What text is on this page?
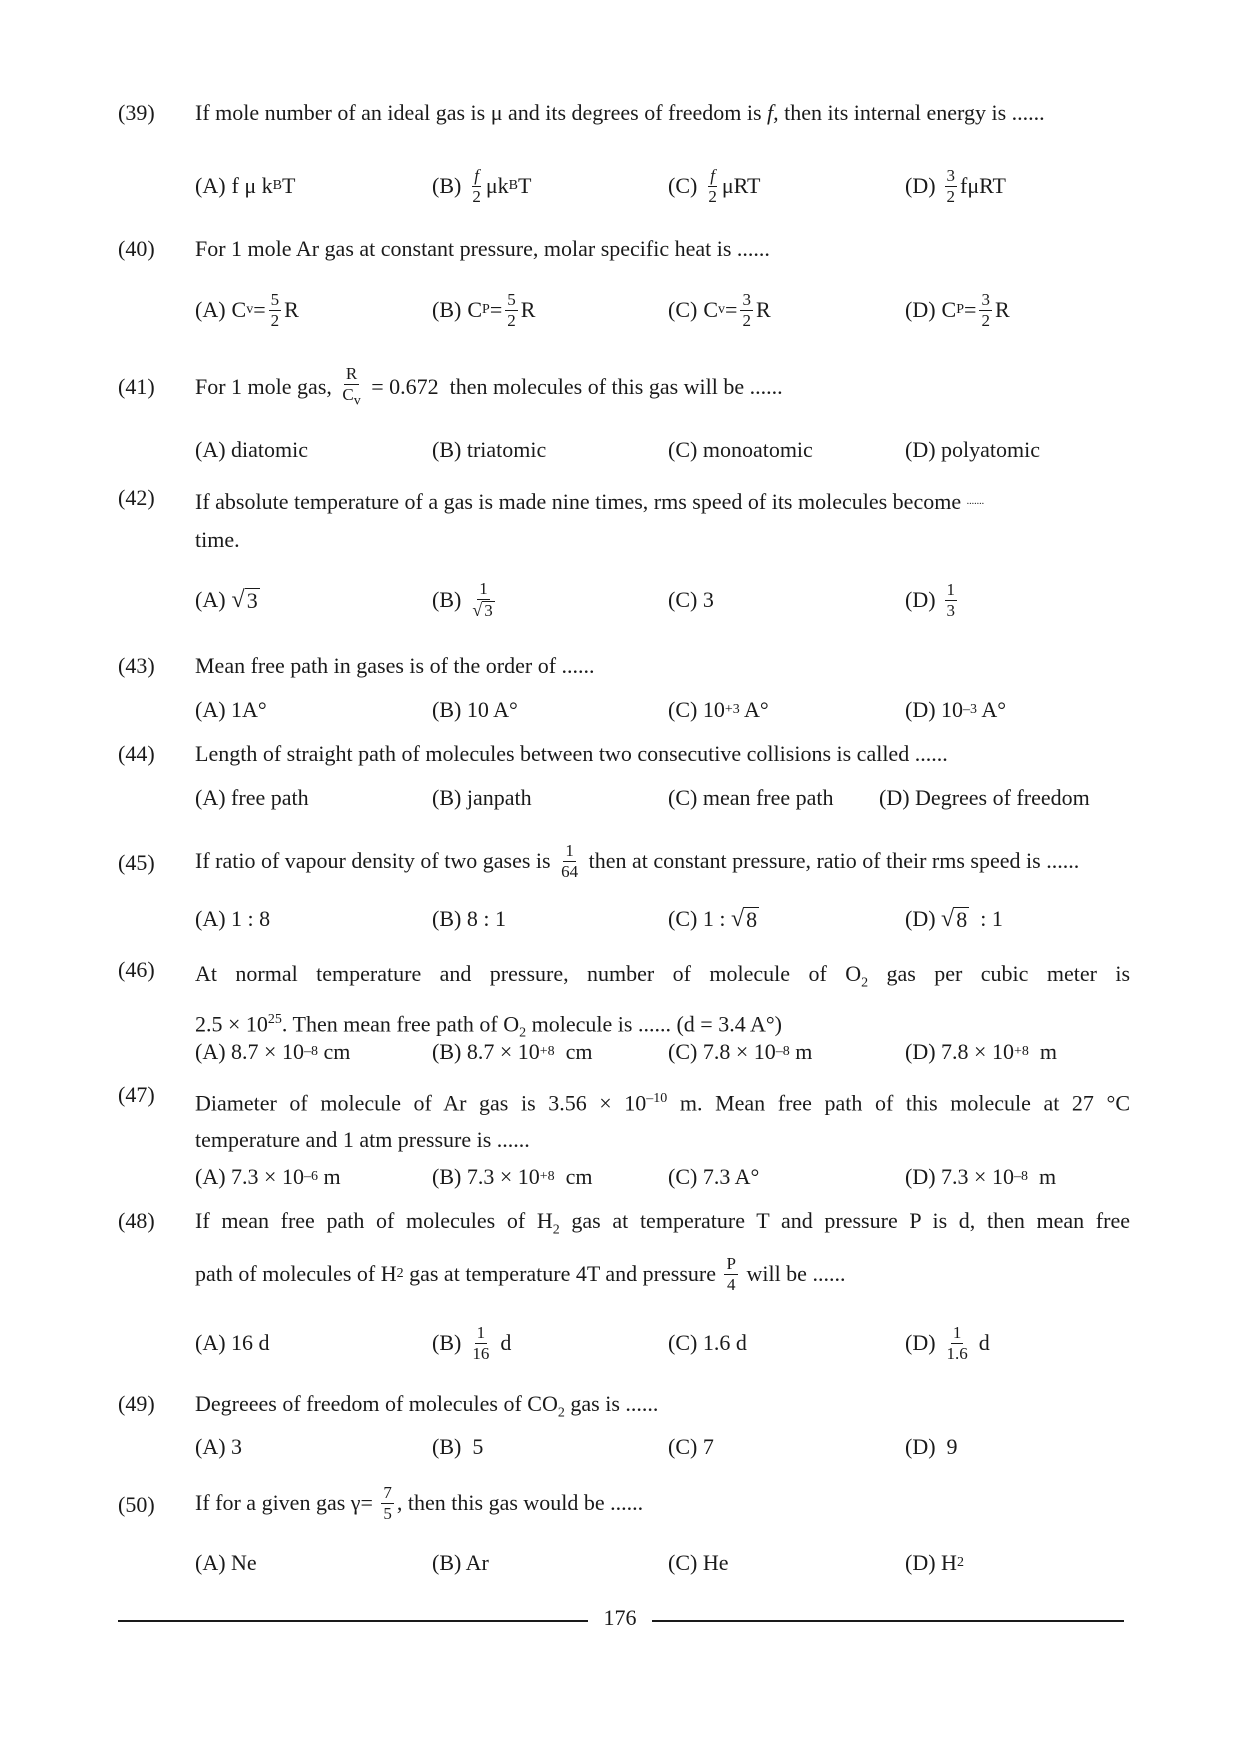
(39)	If mole number of an ideal gas is μ and its degrees of freedom is f, then its internal energy is ......
(A) f μ k B T	$(B) \frac{f}{2}$ μk B T	$(C) \frac{f}{2}$ μRT	$(D) \frac{3}{2}$ fμRT
(40)	For 1 mole Ar gas at constant pressure, molar specific heat is ......
(A) C $v = \frac{5}{2}$ R	(B) C $P = \frac{5}{2}$ R	(C) C $v = \frac{3}{2}$ R	(D) C $P = \frac{3}{2}$ R
(41)	For 1 mole gas, $\frac{R}{C_v} = 0.672$  then molecules of this gas will be ......
(A) diatomic	(B) triatomic	(C) monoatomic	(D) polyatomic
(42)	If absolute temperature of a gas is made nine times, rms speed of its molecules become .......
time.
(A) √ 3	$(B) \frac{1}{√ 3}$	(C) 3	$(D) \frac{1}{3}$
(43)	Mean free path in gases is of the order of ......
(A) 1A°	(B) 10 A°	(C) 10 +3 A°	(D) 10 –3 A°
(44)	Length of straight path of molecules between two consecutive collisions is called ......
(A) free path	(B) janpath	(C) mean free path (D) Degrees of freedom
(45)	If ratio of vapour density of two gases is $\frac{1}{64}$ then at constant pressure, ratio of their rms speed is ......
(A) 1 : 8	(B) 8 : 1	(C) 1 : √ 8	(D) √ 8 : 1
(46)	At normal temperature and pressure, number of molecule of $O_2$ gas per cubic meter is
$2.5 \times 10^{25}$. Then mean free path of $O_2$ molecule is ...... (d = 3.4 A°)
(A) 8.7 × 10 –8 cm	(B) 8.7 × 10 +8 cm	(C) 7.8 × 10 –8 m	(D) 7.8 × 10 +8 m
(47)	Diameter of molecule of Ar gas is $3.56 \times 10^{-10}$ m. Mean free path of this molecule at 27 °C
temperature and 1 atm pressure is ......
(A) 7.3 × 10 –6 m	(B) 7.3 × 10 +8 cm	(C) 7.3 A°	(D) 7.3 × 10 –8 m
(48)	If mean free path of molecules of $H_2$ gas at temperature T and pressure P is d, then mean free
path of molecules of H 2 gas at temperature 4T and pressure $\frac{P}{4}$ will be ......
(A) 16 d	$(B) \frac{1}{16}$ d	(C) 1.6 d	$(D) \frac{1}{1.6}$ d
(49)	Degreees of freedom of molecules of $CO_2$ gas is ......
(A) 3	(B)  5	(C) 7	(D)  9
(50)	If for a given gas $\gamma= \frac{7}{5}$ , then this gas would be ......
(A) Ne	(B) Ar	(C) He	(D) H 2
176
